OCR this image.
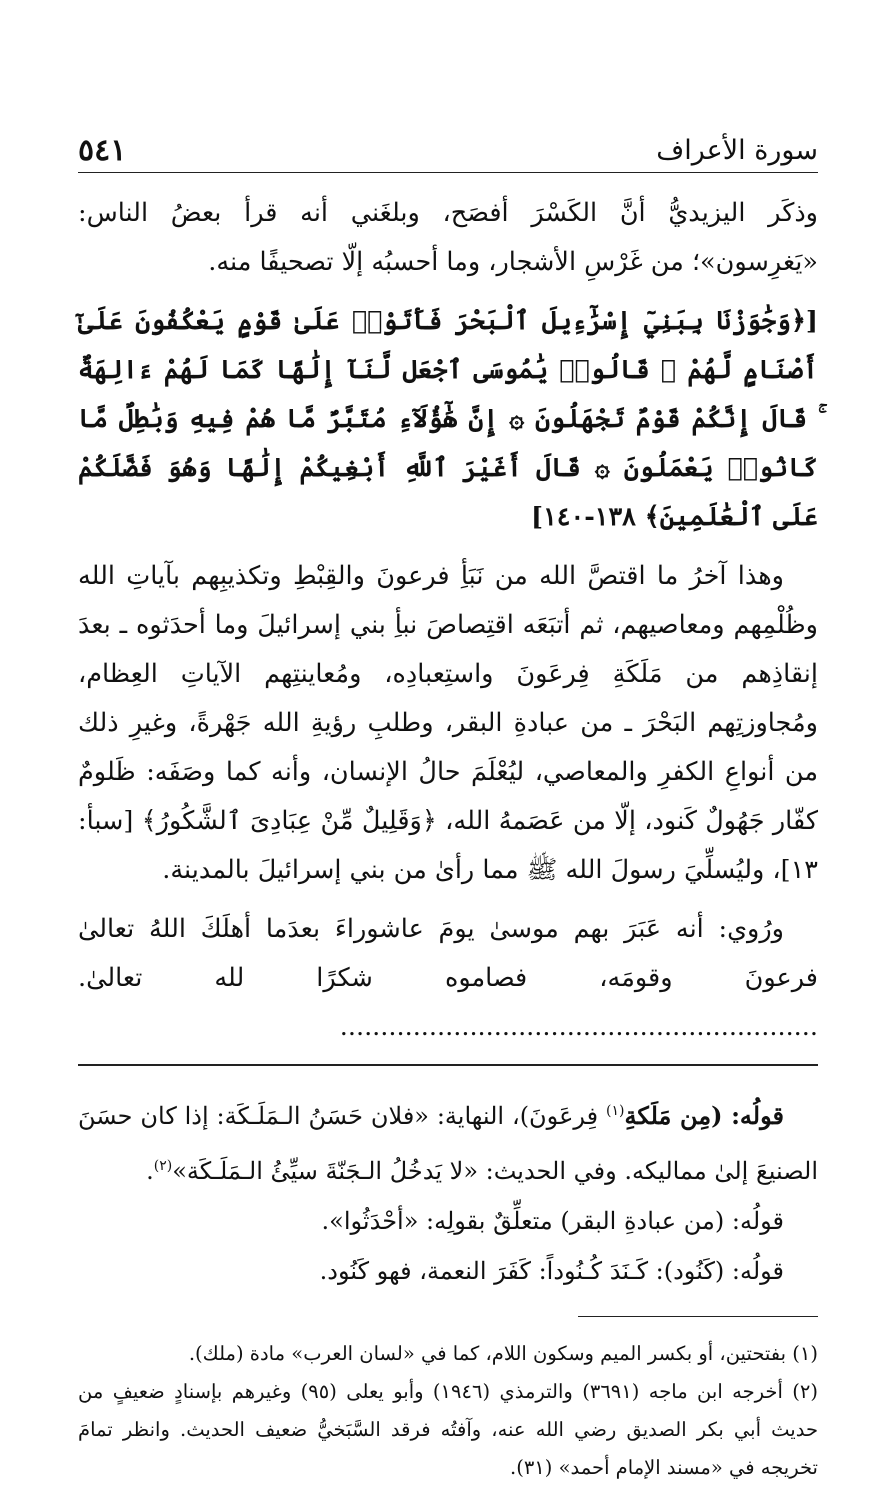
سورة الأعراف
٥٤١

وذكَر اليزيديُّ أنَّ الكَسْرَ أفصَح، وبلغَني أنه قرأ بعضُ الناس: «يَغرِسون»؛ من غَرْسِ الأشجار، وما أحسبُه إلّا تصحيفًا منه.

[﴿وَجَٰوَزْنَا بِبَنِيٓ إِسْرَٰٓءِيلَ ٱلْبَحْرَ فَأَتَوْا۟ عَلَىٰ قَوْمٍ يَعْكُفُونَ عَلَىٰٓ أَصْنَامٍ لَّهُمْ ۚ قَالُوا۟ يَٰمُوسَى ٱجْعَل لَّنَآ إِلَٰهًا كَمَا لَهُمْ ءَالِهَةٌ ۚ قَالَ إِنَّكُمْ قَوْمٌ تَجْهَلُونَ ۞ إِنَّ هَٰٓؤُلَآءِ مُتَبَّرٌ مَّا هُمْ فِيهِ وَبَٰطِلٌ مَّا كَانُوا۟ يَعْمَلُونَ ۞ قَالَ أَغَيْرَ ٱللَّهِ أَبْغِيكُمْ إِلَٰهًا وَهُوَ فَضَّلَكُمْ عَلَى ٱلْعَٰلَمِينَ﴾ ١٣٨-١٤٠]

وهذا آخرُ ما اقتصَّ الله من نَبَأِ فرعونَ والقِبْطِ وتكذيبِهم بآياتِ الله وظُلْمِهم ومعاصيهم، ثم أتبَعَه اقتِصاصَ نبأِ بني إسرائيلَ وما أحدَثوه ـ بعدَ إنقاذِهم من مَلَكَةِ فِرعَونَ واستِعبادِه، ومُعاينتِهم الآياتِ العِظام، ومُجاوزتِهم البَحْرَ ـ من عبادةِ البقر، وطلبِ رؤيةِ الله جَهْرةً، وغيرِ ذلك من أنواعِ الكفرِ والمعاصي، ليُعْلَمَ حالُ الإنسان، وأنه كما وصَفَه: ظَلومٌ كفّار جَهُولٌ كَنود، إلّا من عَصَمهُ الله، ﴿وَقَلِيلٌ مِّنْ عِبَادِىَ ٱلشَّكُورُ﴾ [سبأ: ١٣]، وليُسلِّيَ رسولَ الله ﷺ مما رأىٰ من بني إسرائيلَ بالمدينة.

ورُوي: أنه عَبَرَ بهم موسىٰ يومَ عاشوراءَ بعدَما أهلَكَ اللهُ تعالىٰ فرعونَ وقومَه، فصاموه شكرًا لله تعالىٰ. ...........................................................

قولُه: (مِن مَلَكةِ$^{(١)}$ فِرعَونَ)، النهاية: «فلان حَسَنُ الـمَلَـكَة: إذا كان حسَنَ الصنيعَ إلىٰ مماليكه. وفي الحديث: «لا يَدخُلُ الـجَنّةَ سيِّئُ الـمَلَـكَة»$^{(٢)}$.

قولُه: (من عبادةِ البقر) متعلِّقٌ بقولِه: «أحْدَثُوا».

قولُه: (كَنُود): كَـنَدَ كُـنُوداً: كَفَرَ النعمة، فهو كَنُود.

(١) بفتحتين، أو بكسر الميم وسكون اللام، كما في «لسان العرب» مادة (ملك).

(٢) أخرجه ابن ماجه (٣٦٩١) والترمذي (١٩٤٦) وأبو يعلى (٩٥) وغيرهم بإسنادٍ ضعيفٍ من حديث أبي بكر الصديق رضي الله عنه، وآفتُه فرقد السَّبَخيُّ ضعيف الحديث. وانظر تمامَ تخريجه في «مسند الإمام أحمد» (٣١).
